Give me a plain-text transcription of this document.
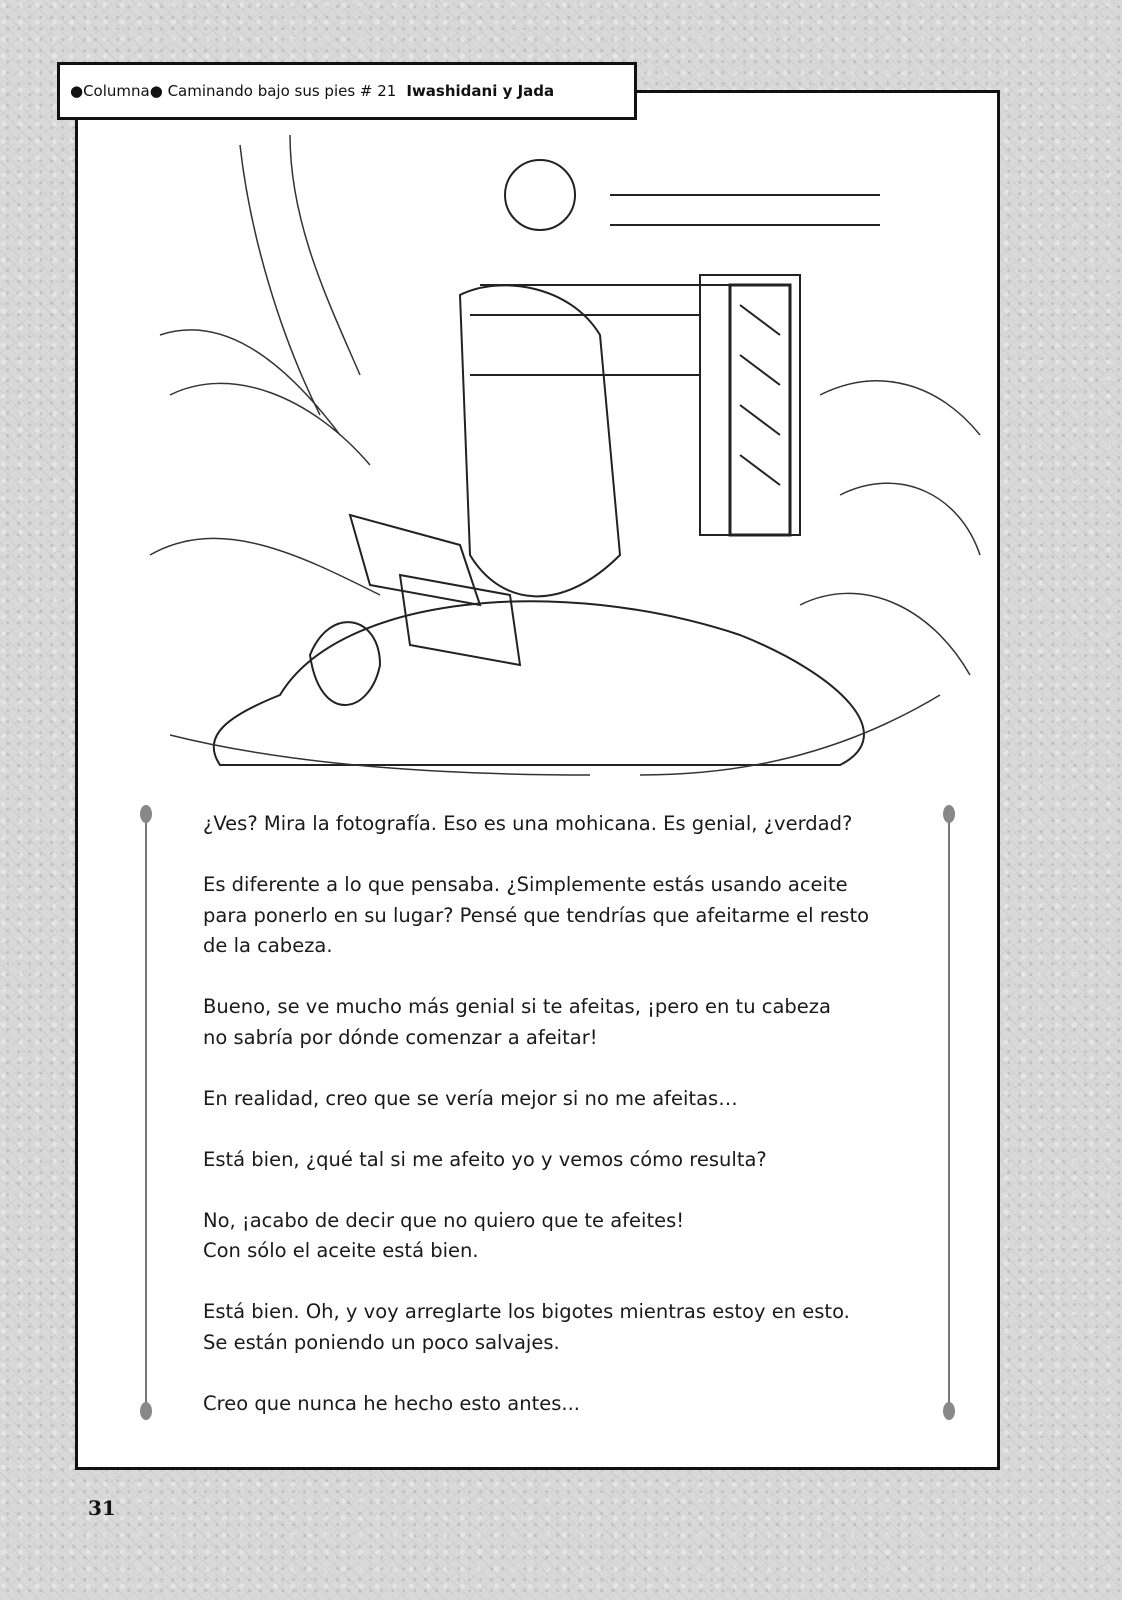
●Columna● Caminando bajo sus pies # 21 Iwashidani y Jada
¿Ves? Mira la fotografía. Eso es una mohicana. Es genial, ¿verdad?
Es diferente a lo que pensaba. ¿Simplemente estás usando aceite
para ponerlo en su lugar? Pensé que tendrías que afeitarme el resto
de la cabeza.
Bueno, se ve mucho más genial si te afeitas, ¡pero en tu cabeza
no sabría por dónde comenzar a afeitar!
En realidad, creo que se vería mejor si no me afeitas…
Está bien, ¿qué tal si me afeito yo y vemos cómo resulta?
No, ¡acabo de decir que no quiero que te afeites!
Con sólo el aceite está bien.
Está bien. Oh, y voy arreglarte los bigotes mientras estoy en esto.
Se están poniendo un poco salvajes.
Creo que nunca he hecho esto antes...
31
